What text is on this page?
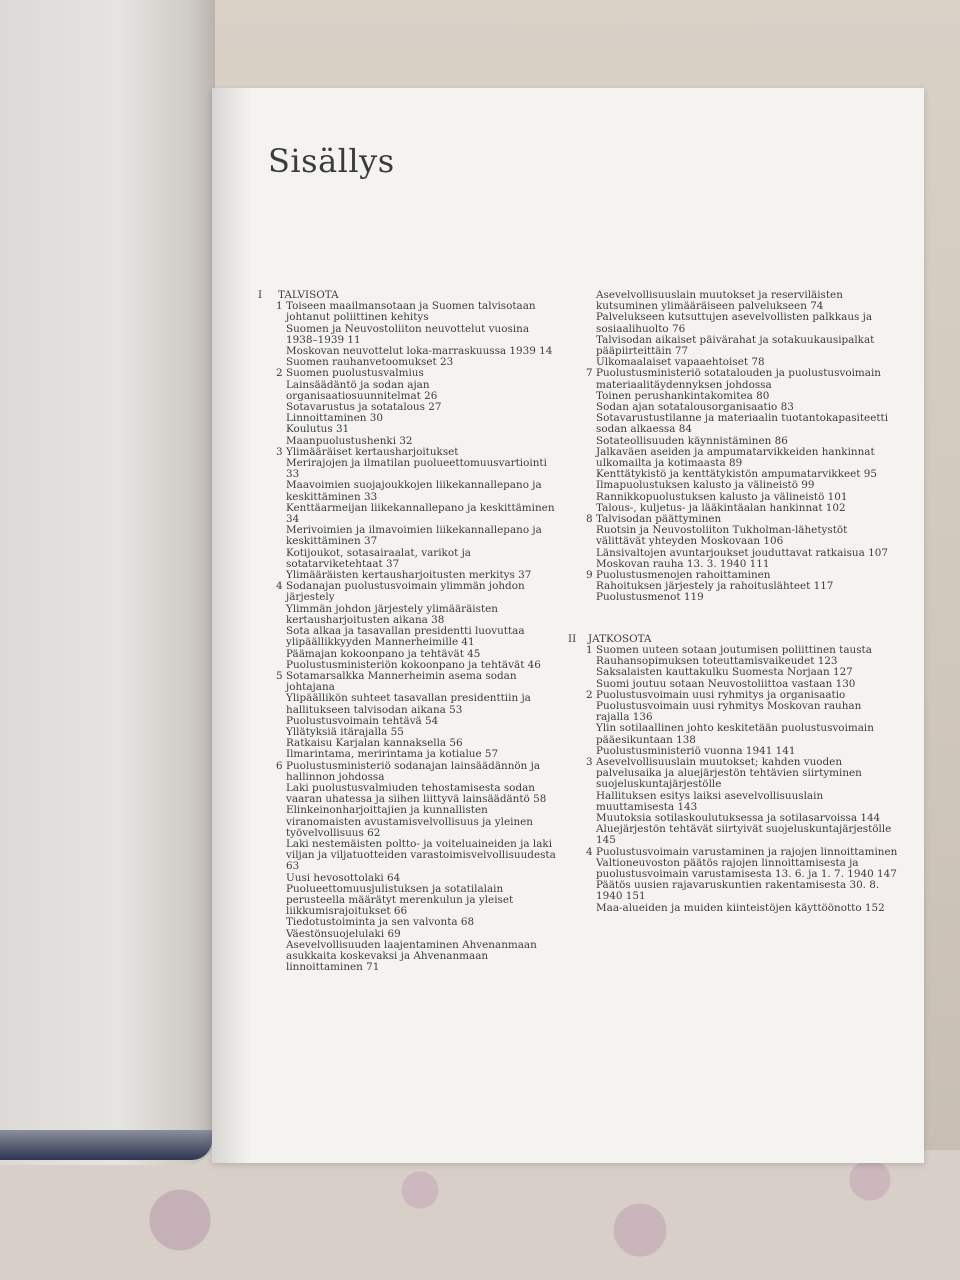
Sisällys
I	TALVISOTA
1 Toiseen maailmansotaan ja Suomen talvisotaan johtanut poliittinen kehitys
Suomen ja Neuvostoliiton neuvottelut vuosina 1938–1939 11
Moskovan neuvottelut loka-marraskuussa 1939 14
Suomen rauhanvetoomukset 23
2 Suomen puolustusvalmius
Lainsäädäntö ja sodan ajan organisaatiosuunnitelmat 26
Sotavarustus ja sotatalous 27
Linnoittaminen 30
Koulutus 31
Maanpuolustushenki 32
3 Ylimääräiset kertausharjoitukset
Merirajojen ja ilmatilan puolueettomuusvartiointi 33
Maavoimien suojajoukkojen liikekannallepano ja keskittäminen 33
Kenttäarmeijan liikekannallepano ja keskittäminen 34
Merivoimien ja ilmavoimien liikekannallepano ja keskittäminen 37
Kotijoukot, sotasairaalat, varikot ja sotatarviketehtaat 37
Ylimääräisten kertausharjoitusten merkitys 37
4 Sodanajan puolustusvoimain ylimmän johdon järjestely
Ylimmän johdon järjestely ylimääräisten kertausharjoitusten aikana 38
Sota alkaa ja tasavallan presidentti luovuttaa ylipäällikkyyden Mannerheimille 41
Päämajan kokoonpano ja tehtävät 45
Puolustusministeriön kokoonpano ja tehtävät 46
5 Sotamarsalkka Mannerheimin asema sodan johtajana
Ylipäällikön suhteet tasavallan presidenttiin ja hallitukseen talvisodan aikana 53
Puolustusvoimain tehtävä 54
Yllätyksiä itärajalla 55
Ratkaisu Karjalan kannaksella 56
Ilmarintama, meririntama ja kotialue 57
6 Puolustusministeriö sodanajan lainsäädännön ja hallinnon johdossa
Laki puolustusvalmiuden tehostamisesta sodan vaaran uhatessa ja siihen liittyvä lainsäädäntö 58
Elinkeinonharjoittajien ja kunnallisten viranomaisten avustamisvelvollisuus ja yleinen työvelvollisuus 62
Laki nestemäisten poltto- ja voiteluaineiden ja laki viljan ja viljatuotteiden varastoimisvelvollisuudesta 63
Uusi hevosottolaki 64
Puolueettomuusjulistuksen ja sotatilalain perusteella määrätyt merenkulun ja yleiset liikkumisrajoitukset 66
Tiedotustoiminta ja sen valvonta 68
Väestönsuojelulaki 69
Asevelvollisuuden laajentaminen Ahvenanmaan asukkaita koskevaksi ja Ahvenanmaan linnoittaminen 71
Asevelvollisuuslain muutokset ja reserviläisten kutsuminen ylimääräiseen palvelukseen 74
Palvelukseen kutsuttujen asevelvollisten palkkaus ja sosiaalihuolto 76
Talvisodan aikaiset päivärahat ja sotakuukausipalkat pääpiirteittäin 77
Ulkomaalaiset vapaaehtoiset 78
7 Puolustusministeriö sotatalouden ja puolustusvoimain materiaalitäydennyksen johdossa
Toinen perushankintakomitea 80
Sodan ajan sotatalousorganisaatio 83
Sotavarustustilanne ja materiaalin tuotantokapasiteetti sodan alkaessa 84
Sotateollisuuden käynnistäminen 86
Jalkaväen aseiden ja ampumatarvikkeiden hankinnat ulkomailta ja kotimaasta 89
Kenttätykistö ja kenttätykistön ampumatarvikkeet 95
Ilmapuolustuksen kalusto ja välineistö 99
Rannikkopuolustuksen kalusto ja välineistö 101
Talous-, kuljetus- ja lääkintäalan hankinnat 102
8 Talvisodan päättyminen
Ruotsin ja Neuvostoliiton Tukholman-lähetystöt välittävät yhteyden Moskovaan 106
Länsivaltojen avuntarjoukset jouduttavat ratkaisua 107
Moskovan rauha 13. 3. 1940 111
9 Puolustusmenojen rahoittaminen
Rahoituksen järjestely ja rahoituslähteet 117
Puolustusmenot 119
II	JATKOSOTA
1 Suomen uuteen sotaan joutumisen poliittinen tausta
Rauhansopimuksen toteuttamisvaikeudet 123
Saksalaisten kauttakulku Suomesta Norjaan 127
Suomi joutuu sotaan Neuvostoliittoa vastaan 130
2 Puolustusvoimain uusi ryhmitys ja organisaatio
Puolustusvoimain uusi ryhmitys Moskovan rauhan rajalla 136
Ylin sotilaallinen johto keskitetään puolustusvoimain pääesikuntaan 138
Puolustusministeriö vuonna 1941 141
3 Asevelvollisuuslain muutokset; kahden vuoden palvelusaika ja aluejärjestön tehtävien siirtyminen suojeluskuntajärjestölle
Hallituksen esitys laiksi asevelvollisuuslain muuttamisesta 143
Muutoksia sotilaskoulutuksessa ja sotilasarvoissa 144
Aluejärjestön tehtävät siirtyivät suojeluskuntajärjestölle 145
4 Puolustusvoimain varustaminen ja rajojen linnoittaminen
Valtioneuvoston päätös rajojen linnoittamisesta ja puolustusvoimain varustamisesta 13. 6. ja 1. 7. 1940 147
Päätös uusien rajavaruskuntien rakentamisesta 30. 8. 1940 151
Maa-alueiden ja muiden kiinteistöjen käyttöönotto 152
